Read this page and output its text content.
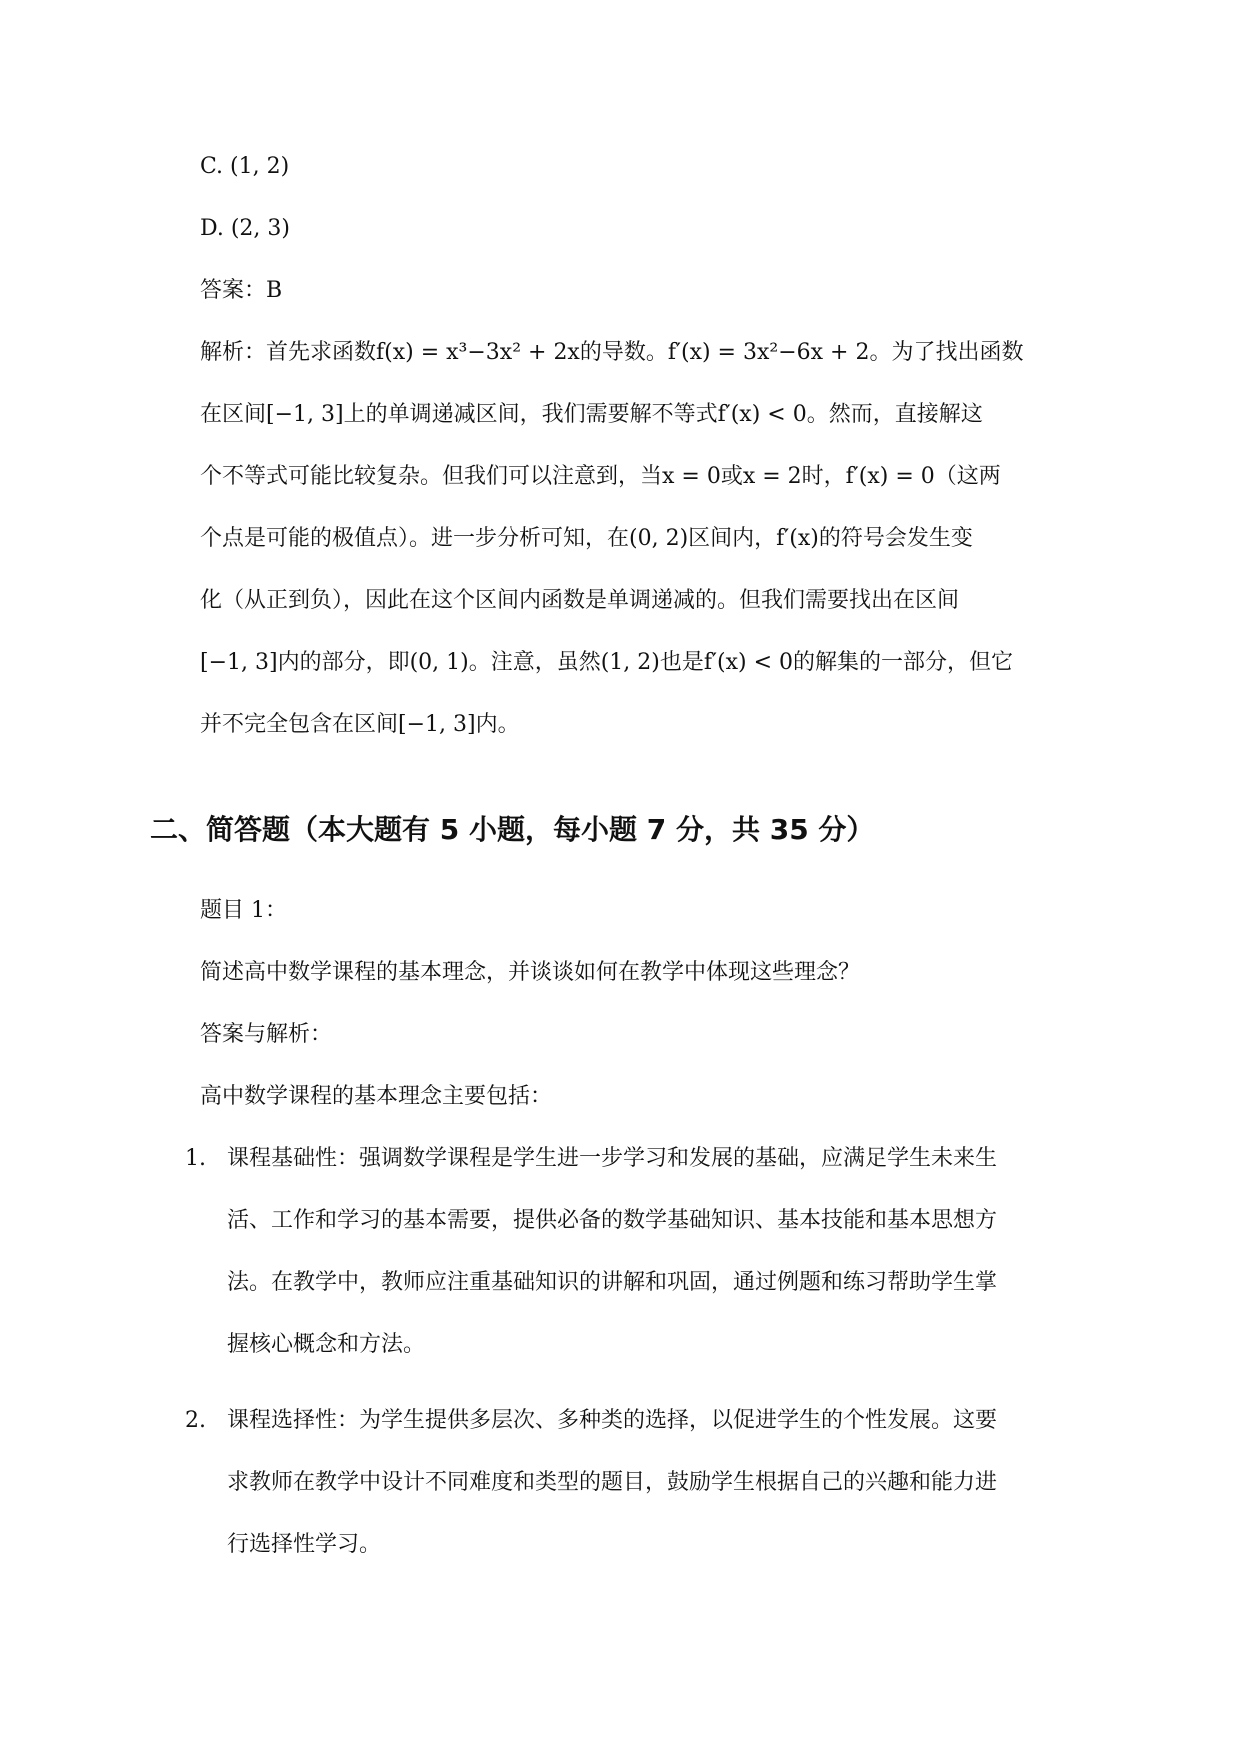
C. (1, 2)
D. (2, 3)
答案：B
解析：首先求函数f(x) = x³−3x² + 2x的导数。f′(x) = 3x²−6x + 2。为了找出函数
在区间[−1, 3]上的单调递减区间，我们需要解不等式f′(x) < 0。然而，直接解这
个不等式可能比较复杂。但我们可以注意到，当x = 0或x = 2时，f′(x) = 0（这两
个点是可能的极值点）。进一步分析可知，在(0, 2)区间内，f′(x)的符号会发生变
化（从正到负），因此在这个区间内函数是单调递减的。但我们需要找出在区间
[−1, 3]内的部分，即(0, 1)。注意，虽然(1, 2)也是f′(x) < 0的解集的一部分，但它
并不完全包含在区间[−1, 3]内。
二、简答题（本大题有 5 小题，每小题 7 分，共 35 分）
题目 1：
简述高中数学课程的基本理念，并谈谈如何在教学中体现这些理念？
答案与解析：
高中数学课程的基本理念主要包括：
1. 课程基础性：强调数学课程是学生进一步学习和发展的基础，应满足学生未来生
活、工作和学习的基本需要，提供必备的数学基础知识、基本技能和基本思想方
法。在教学中，教师应注重基础知识的讲解和巩固，通过例题和练习帮助学生掌
握核心概念和方法。
2. 课程选择性：为学生提供多层次、多种类的选择，以促进学生的个性发展。这要
求教师在教学中设计不同难度和类型的题目，鼓励学生根据自己的兴趣和能力进
行选择性学习。
